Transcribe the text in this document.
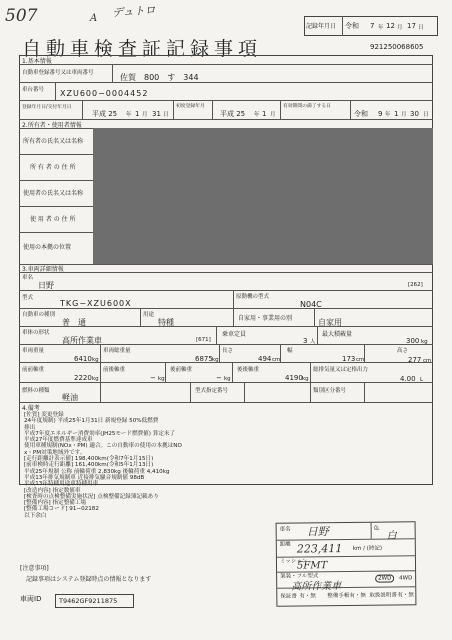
507	A デュトロ
記録年月日 令和 7 年 12 月 17 日
自動車検査証記録事項	921250068605
1.基本情報
自動車登録番号又は車両番号	佐賀　800　す　344
車台番号 XZU600−0004452
登録年月日/交付年月日
平成 25 年 1 月 31 日
初度登録年月
平成 25 年 1 月
有効期間の満了する日
令和 9 年 1 月 30 日
2.所有者・使用者情報
所有者の氏名又は名称
所 有 者 の 住 所
使用者の氏名又は名称
使 用 者 の 住 所
使用の本拠の位置
3.車両詳細情報
車名
日野	[262]
型式
TKG−XZU600X
原動機の型式
N04C
自動車の種別
普　通
用途
特種	自家用・事業用の別	自家用
車体の形状
高所作業車	[671]
乗車定員
3 人
最大積載量
300 kg
車両重量
6410 kg
車両総重量
6875 kg
長さ
494 cm
幅
173 cm
高さ
277 cm
前前軸重
2220 kg
前後軸重
− kg
後前軸重
− kg
後後軸重
4190 kg
総排気量又は定格出力
4.00 L
燃料の種類
軽油
型式指定番号	類別区分番号
4.備考
[佐賀] 変更登録
24年度規制) 平成25年1月31日 新規登録 50%低燃費
排出
平成7年度エネルギー消費効率(JH25モード燃費値) 算定未了
平成27年度燃費基準達成車
使用車種規制(NOx・PM) 適合。この自動車の使用の本拠はNO
x・PM対策地域外です。
[走行距離計表示値] 198,400km(令和7年1月15日)
[前車検時走行距離] 161,400km(令和5年1月13日)
平成25年規制 公称 前輪荷重 2,830kg 後輪荷重 4,410kg
平成13年排気規制車 近接排気騒音規制値 98dB
平成13年特種用途車特種用車
[改造内容] 指定数値車
[検査時の点検整備実施状況] 点検整備記録簿記載あり
[整備内容] 指定整備工場
[整備工場コード] 91−02182
以下余白
車名 日野	色
白
距離 223,411 km / (時記)
ミッション
5FMT
架装・フル型式
高所作業車
2WD	4WD
保証書 有・無 整備手帳 有・無 取扱説明書 有・無
[注意事項]
記録事項はシステム登録時点の情報となります
車両ID	T9462GF9211875
